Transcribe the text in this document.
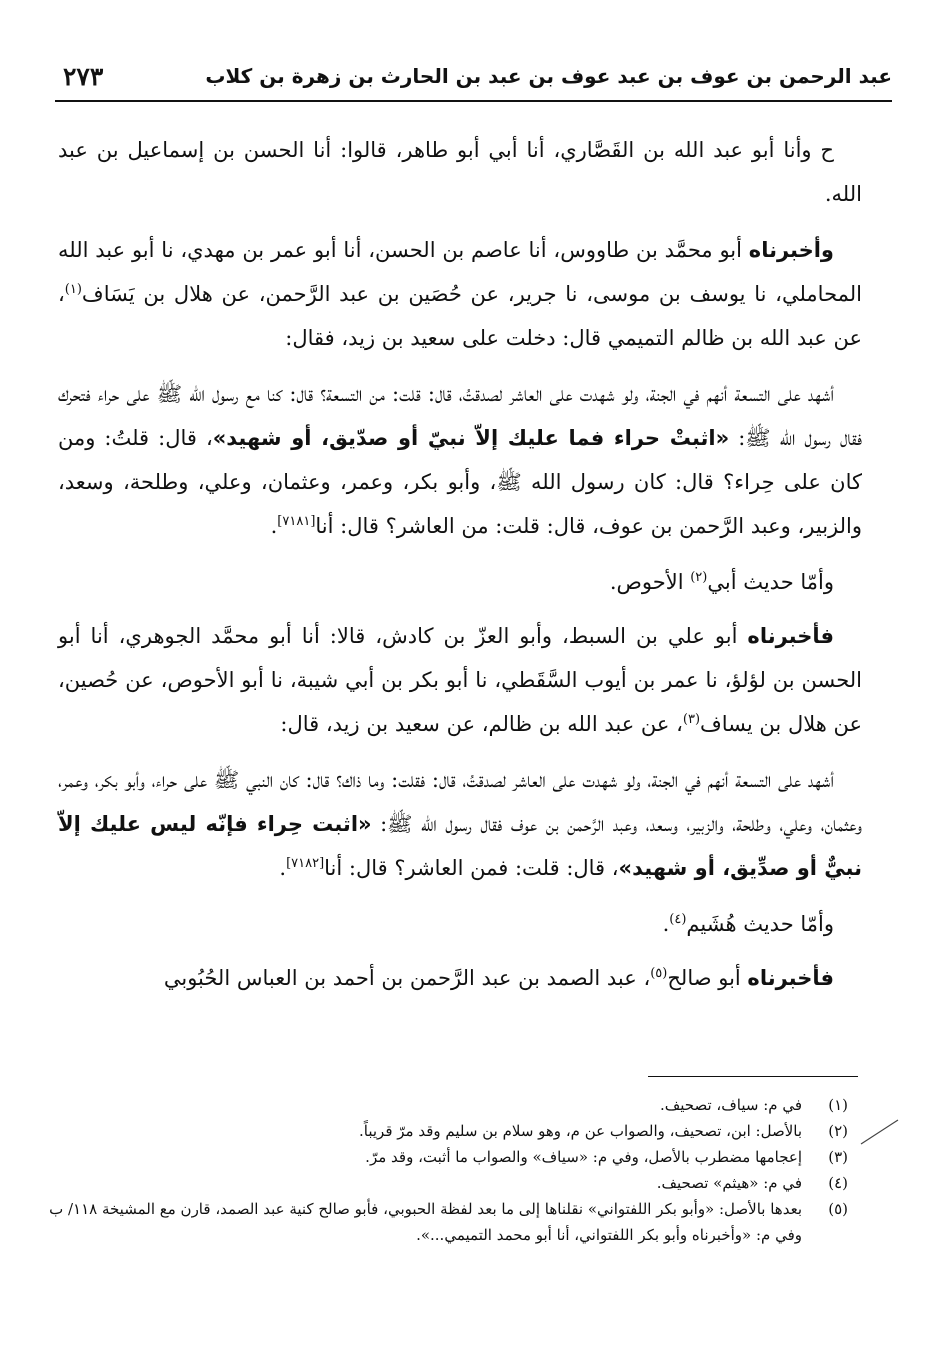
٢٧٣	عبد الرحمن بن عوف بن عبد عوف بن عبد بن الحارث بن زهرة بن كلاب

ح وأنا أبو عبد الله بن القَصَّاري، أنا أبي أبو طاهر، قالوا: أنا الحسن بن إسماعيل بن عبد الله.

وأخبرناه أبو محمَّد بن طاووس، أنا عاصم بن الحسن، أنا أبو عمر بن مهدي، نا أبو عبد الله المحاملي، نا يوسف بن موسى، نا جرير، عن حُصَين بن عبد الرَّحمن، عن هلال بن يَسَاف$^{(١)}$، عن عبد الله بن ظالم التميمي قال: دخلت على سعيد بن زيد، فقال:

أشهد على التسعة أنهم في الجنة، ولو شهدت على العاشر لصدقتُ، قال: قلت: من التسعة؟ قال: كنا مع رسول الله ﷺ على حراء فتحرك فقال رسول الله ﷺ: «اثبتْ حراء فما عليك إلاّ نبيّ أو صدّيق، أو شهيد»، قال: قلتُ: ومن كان على حِراء؟ قال: كان رسول الله ﷺ، وأبو بكر، وعمر، وعثمان، وعلي، وطلحة، وسعد، والزبير، وعبد الرَّحمن بن عوف، قال: قلت: من العاشر؟ قال: أنا[٧١٨١].

وأمّا حديث أبي$^{(٢)}$ الأحوص.

فأخبرناه أبو علي بن السبط، وأبو العزّ بن كادش، قالا: أنا أبو محمَّد الجوهري، أنا أبو الحسن بن لؤلؤ، نا عمر بن أيوب السَّقَطي، نا أبو بكر بن أبي شيبة، نا أبو الأحوص، عن حُصين، عن هلال بن يساف$^{(٣)}$، عن عبد الله بن ظالم، عن سعيد بن زيد، قال:

أشهد على التسعة أنهم في الجنة، ولو شهدت على العاشر لصدقتُ، قال: فقلت: وما ذاك؟ قال: كان النبي ﷺ على حراء، وأبو بكر، وعمر، وعثمان، وعلي، وطلحة، والزبير، وسعد، وعبد الرَّحمن بن عوف فقال رسول الله ﷺ: «اثبت حِراء فإنّه ليس عليك إلاّ نبيٌّ أو صدِّيق، أو شهيد»، قال: قلت: فمن العاشر؟ قال: أنا[٧١٨٢].

وأمّا حديث هُشَيم$^{(٤)}$.

فأخبرناه أبو صالح$^{(٥)}$، عبد الصمد بن عبد الرَّحمن بن أحمد بن العباس الحُبُوبي

(١)
في م: سياف، تصحيف.
(٢)
بالأصل: ابن، تصحيف، والصواب عن م، وهو سلام بن سليم وقد مرّ قريباً.
(٣)
إعجامها مضطرب بالأصل، وفي م: «سياف» والصواب ما أثبت، وقد مرّ.
(٤)
في م: «هيثم» تصحيف.
(٥)
بعدها بالأصل: «وأبو بكر اللفتواني» نقلناها إلى ما بعد لفظة الحبوبي، فأبو صالح كنية عبد الصمد، قارن مع المشيخة ١١٨/ ب وفي م: «وأخبرناه وأبو بكر اللفتواني، أنا أبو محمد التميمي...».
